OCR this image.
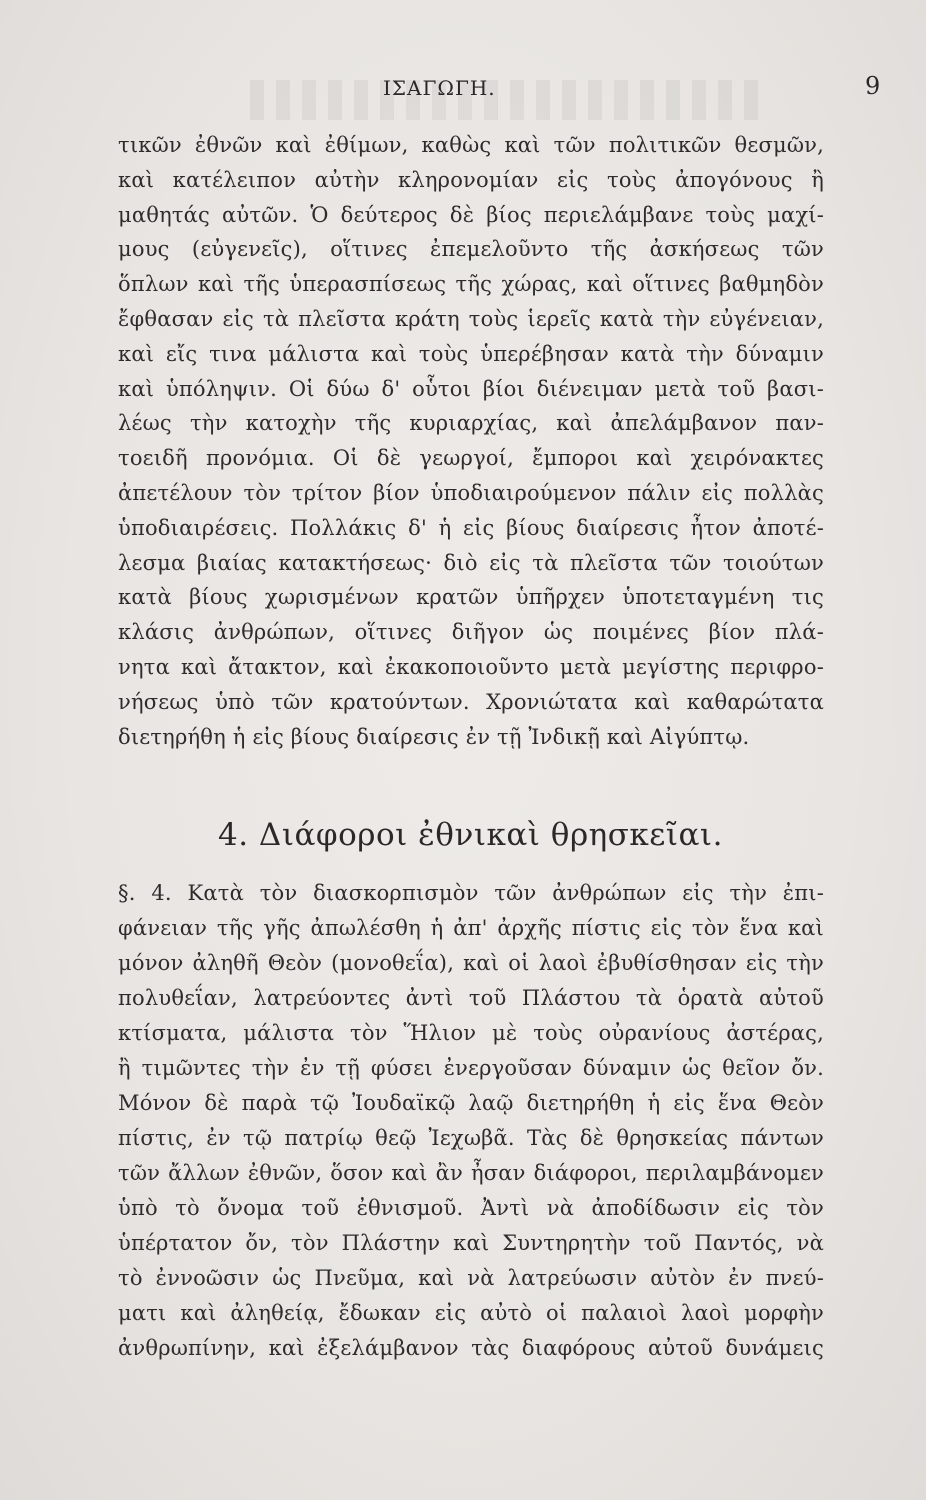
ΙΣΑΓΩΓΗ.	9
τικῶν ἐθνῶν καὶ ἐθίμων, καθὼς καὶ τῶν πολιτικῶν θεσμῶν,
καὶ κατέλειπον αὐτὴν κληρονομίαν εἰς τοὺς ἀπογόνους ἢ
μαθητάς αὐτῶν. Ὁ δεύτερος δὲ βίος περιελάμβανε τοὺς μαχί-
μους (εὐγενεῖς), οἵτινες ἐπεμελοῦντο τῆς ἀσκήσεως τῶν
ὅπλων καὶ τῆς ὑπερασπίσεως τῆς χώρας, καὶ οἵτινες βαθμηδὸν
ἔφθασαν εἰς τὰ πλεῖστα κράτη τοὺς ἱερεῖς κατὰ τὴν εὐγένειαν,
καὶ εἴς τινα μάλιστα καὶ τοὺς ὑπερέβησαν κατὰ τὴν δύναμιν
καὶ ὑπόληψιν. Οἱ δύω δ' οὗτοι βίοι διένειμαν μετὰ τοῦ βασι-
λέως τὴν κατοχὴν τῆς κυριαρχίας, καὶ ἀπελάμβανον παν-
τοειδῆ προνόμια. Οἱ δὲ γεωργοί, ἔμποροι καὶ χειρόνακτες
ἀπετέλουν τὸν τρίτον βίον ὑποδιαιρούμενον πάλιν εἰς πολλὰς
ὑποδιαιρέσεις. Πολλάκις δ' ἡ εἰς βίους διαίρεσις ἦτον ἀποτέ-
λεσμα βιαίας κατακτήσεως· διὸ εἰς τὰ πλεῖστα τῶν τοιούτων
κατὰ βίους χωρισμένων κρατῶν ὑπῆρχεν ὑποτεταγμένη τις
κλάσις ἀνθρώπων, οἵτινες διῆγον ὡς ποιμένες βίον πλά-
νητα καὶ ἄτακτον, καὶ ἐκακοποιοῦντο μετὰ μεγίστης περιφρο-
νήσεως ὑπὸ τῶν κρατούντων. Χρονιώτατα καὶ καθαρώτατα
διετηρήθη ἡ εἰς βίους διαίρεσις ἐν τῇ Ἰνδικῇ καὶ Αἰγύπτῳ.
4. Διάφοροι ἐθνικαὶ θρησκεῖαι.
§. 4. Κατὰ τὸν διασκορπισμὸν τῶν ἀνθρώπων εἰς τὴν ἐπι-
φάνειαν τῆς γῆς ἀπωλέσθη ἡ ἀπ' ἀρχῆς πίστις εἰς τὸν ἕνα καὶ
μόνον ἀληθῆ Θεὸν (μονοθεΐα), καὶ οἱ λαοὶ ἐβυθίσθησαν εἰς τὴν
πολυθεΐαν, λατρεύοντες ἀντὶ τοῦ Πλάστου τὰ ὁρατὰ αὐτοῦ
κτίσματα, μάλιστα τὸν Ἥλιον μὲ τοὺς οὐρανίους ἀστέρας,
ἢ τιμῶντες τὴν ἐν τῇ φύσει ἐνεργοῦσαν δύναμιν ὡς θεῖον ὄν.
Μόνον δὲ παρὰ τῷ Ἰουδαϊκῷ λαῷ διετηρήθη ἡ εἰς ἕνα Θεὸν
πίστις, ἐν τῷ πατρίῳ θεῷ Ἰεχωβᾶ. Τὰς δὲ θρησκείας πάντων
τῶν ἄλλων ἐθνῶν, ὅσον καὶ ἂν ἦσαν διάφοροι, περιλαμβάνομεν
ὑπὸ τὸ ὄνομα τοῦ ἐθνισμοῦ. Ἀντὶ νὰ ἀποδίδωσιν εἰς τὸν
ὑπέρτατον ὄν, τὸν Πλάστην καὶ Συντηρητὴν τοῦ Παντός, νὰ
τὸ ἐννοῶσιν ὡς Πνεῦμα, καὶ νὰ λατρεύωσιν αὐτὸν ἐν πνεύ-
ματι καὶ ἀληθείᾳ, ἔδωκαν εἰς αὐτὸ οἱ παλαιοὶ λαοὶ μορφὴν
ἀνθρωπίνην, καὶ ἐξελάμβανον τὰς διαφόρους αὐτοῦ δυνάμεις
